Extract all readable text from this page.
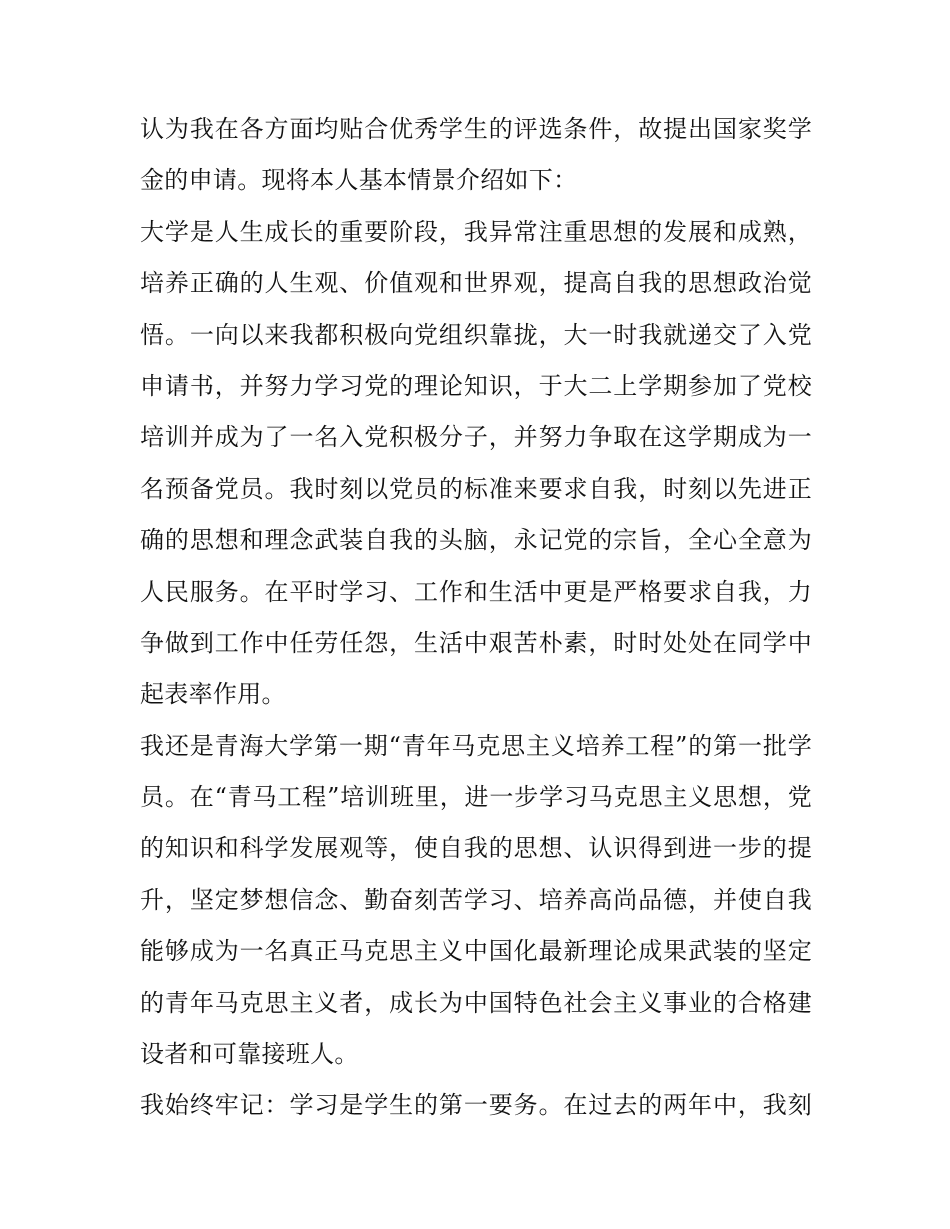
认为我在各方面均贴合优秀学生的评选条件，故提出国家奖学
金的申请。现将本人基本情景介绍如下：
大学是人生成长的重要阶段，我异常注重思想的发展和成熟，
培养正确的人生观、价值观和世界观，提高自我的思想政治觉
悟。一向以来我都积极向党组织靠拢，大一时我就递交了入党
申请书，并努力学习党的理论知识，于大二上学期参加了党校
培训并成为了一名入党积极分子，并努力争取在这学期成为一
名预备党员。我时刻以党员的标准来要求自我，时刻以先进正
确的思想和理念武装自我的头脑，永记党的宗旨，全心全意为
人民服务。在平时学习、工作和生活中更是严格要求自我，力
争做到工作中任劳任怨，生活中艰苦朴素，时时处处在同学中
起表率作用。
我还是青海大学第一期“青年马克思主义培养工程”的第一批学
员。在“青马工程”培训班里，进一步学习马克思主义思想，党
的知识和科学发展观等，使自我的思想、认识得到进一步的提
升，坚定梦想信念、勤奋刻苦学习、培养高尚品德，并使自我
能够成为一名真正马克思主义中国化最新理论成果武装的坚定
的青年马克思主义者，成长为中国特色社会主义事业的合格建
设者和可靠接班人。
我始终牢记：学习是学生的第一要务。在过去的两年中，我刻
